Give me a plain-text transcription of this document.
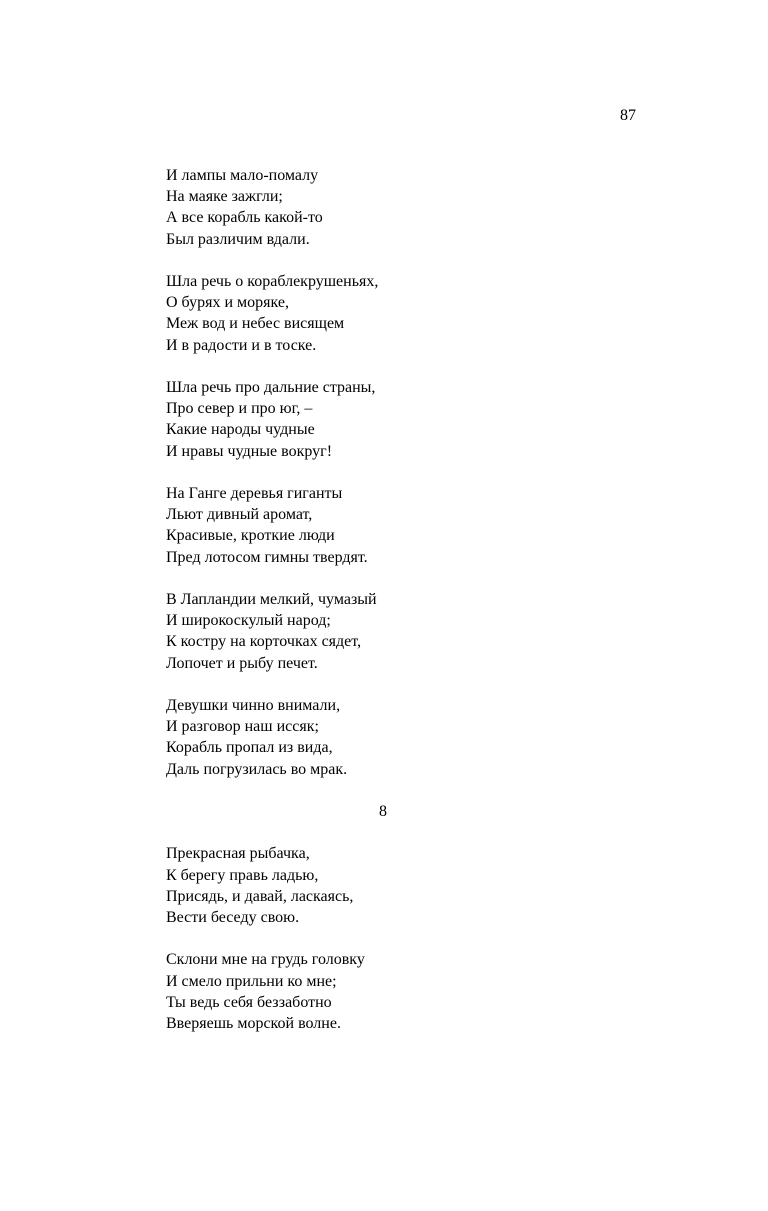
87
И лампы мало-помалу
На маяке зажгли;
А все корабль какой-то
Был различим вдали.
Шла речь о кораблекрушеньях,
О бурях и моряке,
Меж вод и небес висящем
И в радости и в тоске.
Шла речь про дальние страны,
Про север и про юг, –
Какие народы чудные
И нравы чудные вокруг!
На Ганге деревья гиганты
Льют дивный аромат,
Красивые, кроткие люди
Пред лотосом гимны твердят.
В Лапландии мелкий, чумазый
И широкоскулый народ;
К костру на корточках сядет,
Лопочет и рыбу печет.
Девушки чинно внимали,
И разговор наш иссяк;
Корабль пропал из вида,
Даль погрузилась во мрак.
8
Прекрасная рыбачка,
К берегу правь ладью,
Присядь, и давай, ласкаясь,
Вести беседу свою.
Склони мне на грудь головку
И смело прильни ко мне;
Ты ведь себя беззаботно
Вверяешь морской волне.
